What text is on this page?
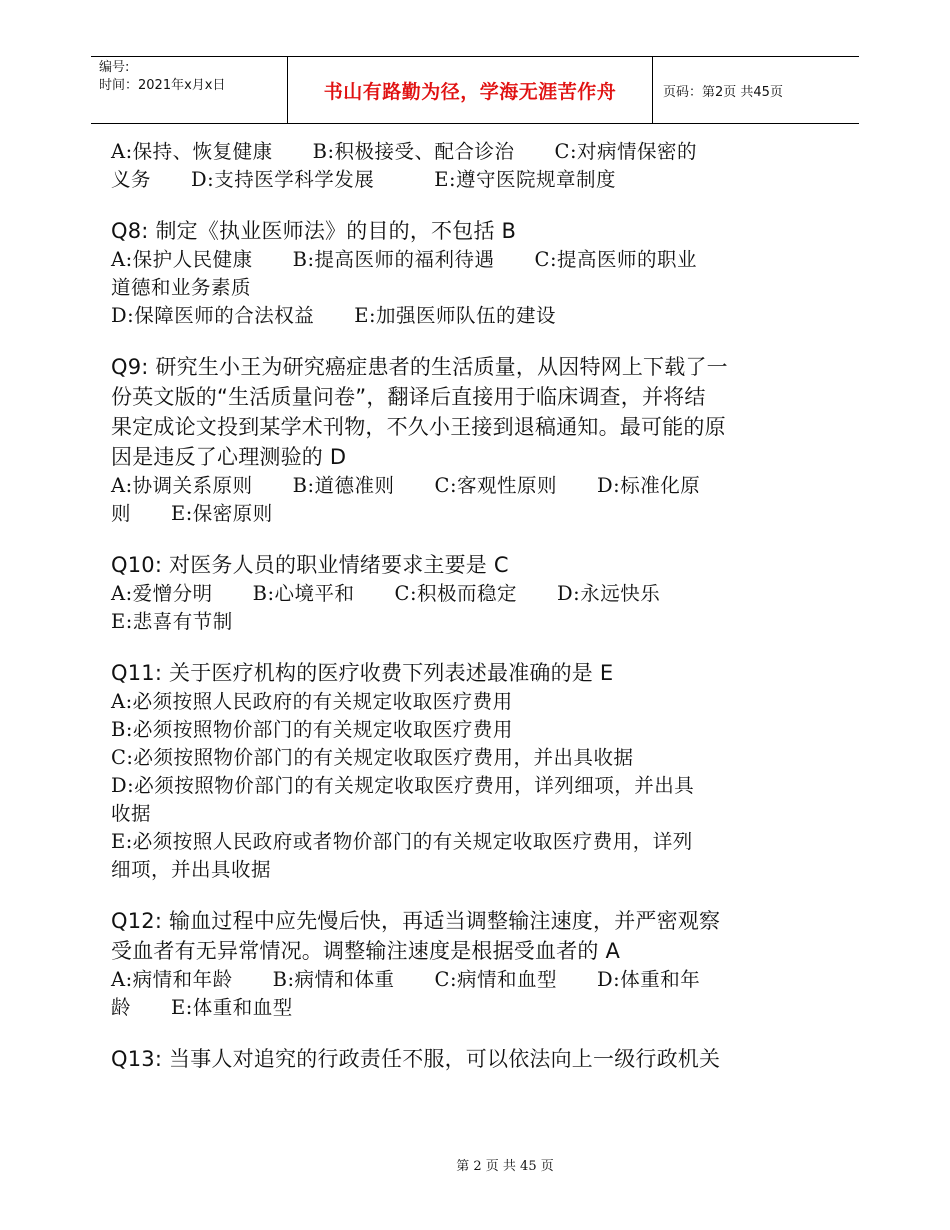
编号:
时间：2021年x月x日	书山有路勤为径，学海无涯苦作舟	页码：第2页 共45页
A:保持、恢复健康　　B:积极接受、配合诊治　　C:对病情保密的
义务　　D:支持医学科学发展　　　E:遵守医院规章制度
Q8: 制定《执业医师法》的目的，不包括 B
A:保护人民健康　　B:提高医师的福利待遇　　C:提高医师的职业
道德和业务素质
D:保障医师的合法权益　　E:加强医师队伍的建设
Q9: 研究生小王为研究癌症患者的生活质量，从因特网上下载了一
份英文版的“生活质量问卷”，翻译后直接用于临床调查，并将结
果定成论文投到某学术刊物，不久小王接到退稿通知。最可能的原
因是违反了心理测验的 D
A:协调关系原则　　B:道德准则　　C:客观性原则　　D:标准化原
则　　E:保密原则
Q10: 对医务人员的职业情绪要求主要是 C
A:爱憎分明　　B:心境平和　　C:积极而稳定　　D:永远快乐
E:悲喜有节制
Q11: 关于医疗机构的医疗收费下列表述最准确的是 E
A:必须按照人民政府的有关规定收取医疗费用
B:必须按照物价部门的有关规定收取医疗费用
C:必须按照物价部门的有关规定收取医疗费用，并出具收据
D:必须按照物价部门的有关规定收取医疗费用，详列细项，并出具
收据
E:必须按照人民政府或者物价部门的有关规定收取医疗费用，详列
细项，并出具收据
Q12: 输血过程中应先慢后快，再适当调整输注速度，并严密观察
受血者有无异常情况。调整输注速度是根据受血者的 A
A:病情和年龄　　B:病情和体重　　C:病情和血型　　D:体重和年
龄　　E:体重和血型
Q13: 当事人对追究的行政责任不服，可以依法向上一级行政机关
第 2 页 共 45 页
